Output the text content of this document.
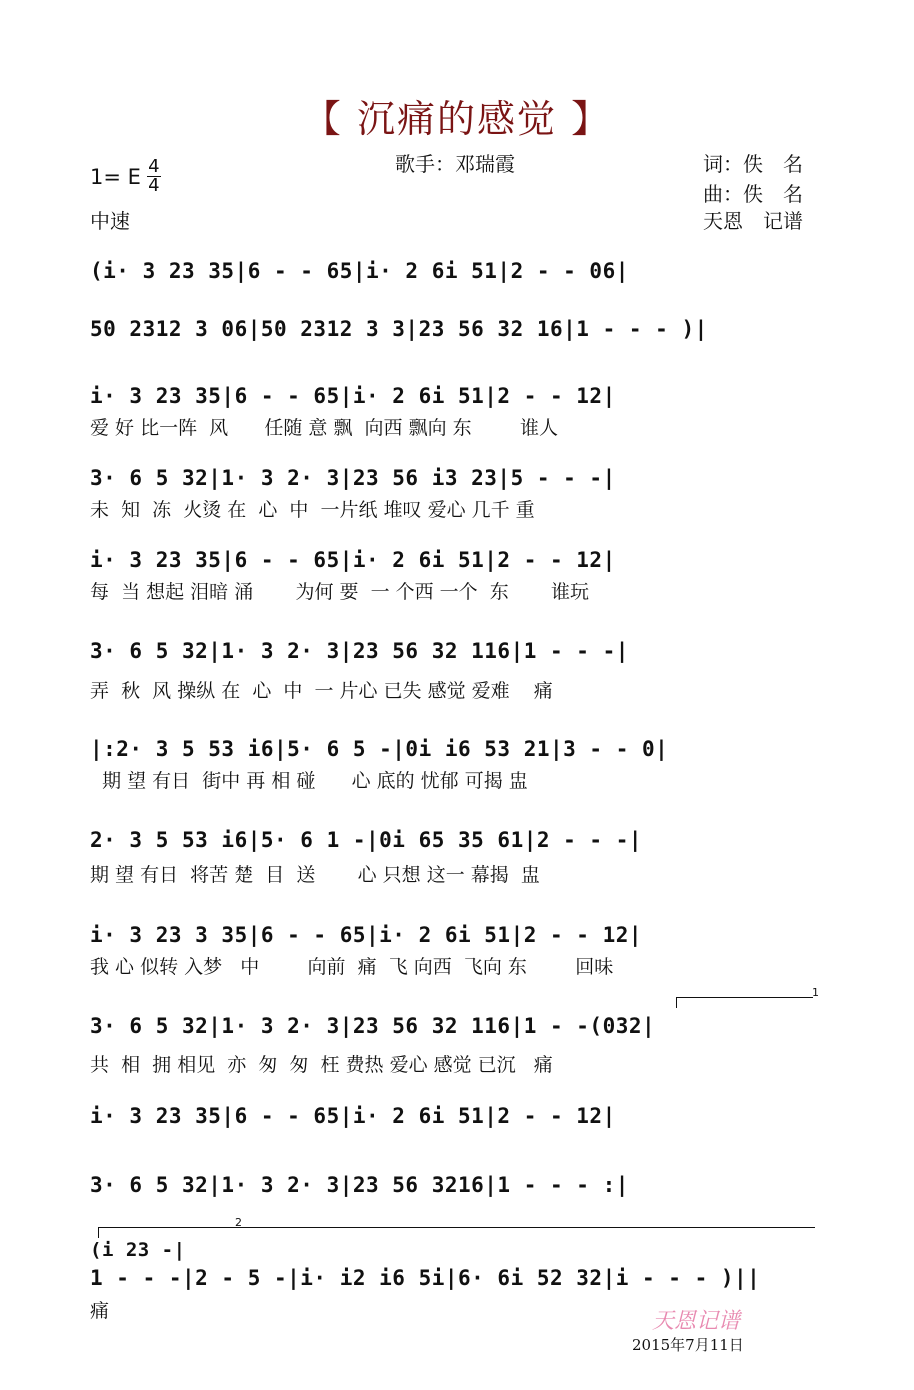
【 沉痛的感觉 】
歌手：邓瑞霞	词：佚　名
曲：佚　名
天恩　记谱
1= E $\frac{4}{4}$
中速
(i· 3 23 35|6 - - 65|i· 2 6i 51|2 - - 06|
50 2312 3 06|50 2312 3 3|23 56 32 16|1 - - - )|
i· 3 23 35|6 - - 65|i· 2 6i 51|2 - - 12|
爱 好 比一阵  风      任随 意 飘  向西 飘向 东        谁人
3· 6 5 32|1· 3 2· 3|23 56 i3 23|5 - - -|
未  知  冻  火烫 在  心  中  一片纸 堆叹 爱心 几千 重
i· 3 23 35|6 - - 65|i· 2 6i 51|2 - - 12|
每  当 想起 泪暗 涌       为何 要  一 个西 一个  东       谁玩
3· 6 5 32|1· 3 2· 3|23 56 32 116|1 - - -|
弄  秋  风 操纵 在  心  中  一 片心 已失 感觉 爱难    痛
|:2· 3 5 53 i6|5· 6 5 -|0i i6 53 21|3 - - 0|
期 望 有日  街中 再 相 碰      心 底的 忧郁 可揭 盅
2· 3 5 53 i6|5· 6 1 -|0i 65 35 61|2 - - -|
期 望 有日  将苦 楚  目  送       心 只想 这一 幕揭  盅
i· 3 23 3 35|6 - - 65|i· 2 6i 51|2 - - 12|
我 心 似转 入梦   中        向前  痛  飞 向西  飞向 东        回味
1
3· 6 5 32|1· 3 2· 3|23 56 32 116|1 - -(032|
共  相  拥 相见  亦  匆  匆  枉 费热 爱心 感觉 已沉   痛
i· 3 23 35|6 - - 65|i· 2 6i 51|2 - - 12|
3· 6 5 32|1· 3 2· 3|23 56 3216|1 - - - :|
2
(i 23 -|
1 - - -|2 - 5 -|i· i2 i6 5i|6· 6i 52 32|i - - - )||
痛	天恩记谱
2015年7月11日
